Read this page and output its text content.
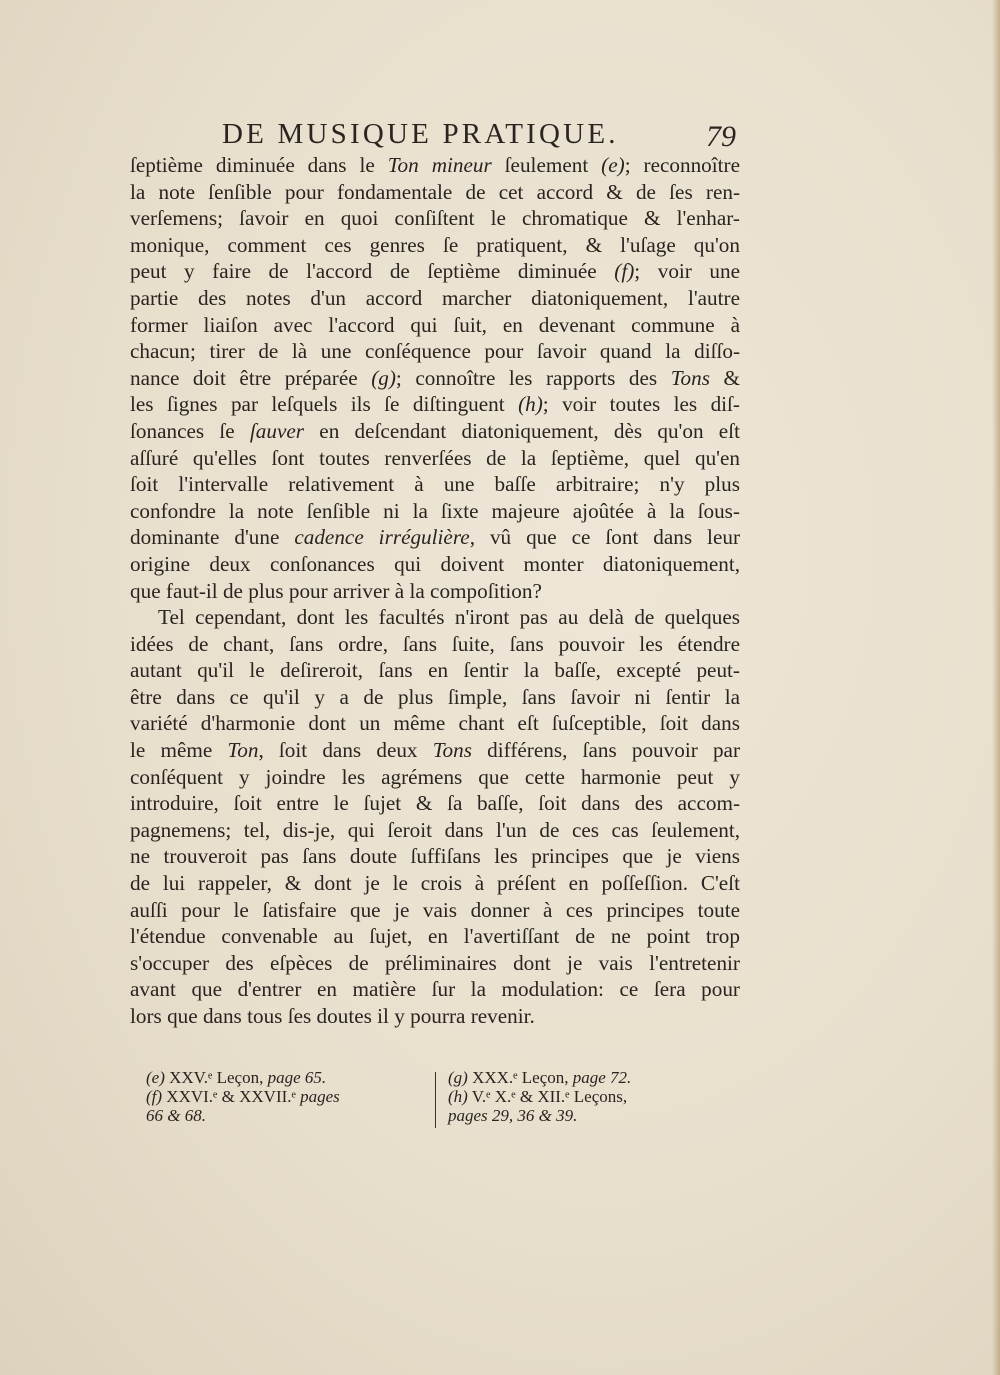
DE MUSIQUE PRATIQUE.	79
ſeptième diminuée dans le Ton mineur ſeulement (e); reconnoître
la note ſenſible pour fondamentale de cet accord & de ſes ren-
verſemens; ſavoir en quoi conſiſtent le chromatique & l'enhar-
monique, comment ces genres ſe pratiquent, & l'uſage qu'on
peut y faire de l'accord de ſeptième diminuée (f); voir une
partie des notes d'un accord marcher diatoniquement, l'autre
former liaiſon avec l'accord qui ſuit, en devenant commune à
chacun; tirer de là une conſéquence pour ſavoir quand la diſſo-
nance doit être préparée (g); connoître les rapports des Tons &
les ſignes par leſquels ils ſe diſtinguent (h); voir toutes les diſ-
ſonances ſe ſauver en deſcendant diatoniquement, dès qu'on eſt
aſſuré qu'elles ſont toutes renverſées de la ſeptième, quel qu'en
ſoit l'intervalle relativement à une baſſe arbitraire; n'y plus
confondre la note ſenſible ni la ſixte majeure ajoûtée à la ſous-
dominante d'une cadence irrégulière, vû que ce ſont dans leur
origine deux conſonances qui doivent monter diatoniquement,
que faut-il de plus pour arriver à la compoſition?
Tel cependant, dont les facultés n'iront pas au delà de quelques
idées de chant, ſans ordre, ſans ſuite, ſans pouvoir les étendre
autant qu'il le deſireroit, ſans en ſentir la baſſe, excepté peut-
être dans ce qu'il y a de plus ſimple, ſans ſavoir ni ſentir la
variété d'harmonie dont un même chant eſt ſuſceptible, ſoit dans
le même Ton, ſoit dans deux Tons différens, ſans pouvoir par
conſéquent y joindre les agrémens que cette harmonie peut y
introduire, ſoit entre le ſujet & ſa baſſe, ſoit dans des accom-
pagnemens; tel, dis-je, qui ſeroit dans l'un de ces cas ſeulement,
ne trouveroit pas ſans doute ſuffiſans les principes que je viens
de lui rappeler, & dont je le crois à préſent en poſſeſſion. C'eſt
auſſi pour le ſatisfaire que je vais donner à ces principes toute
l'étendue convenable au ſujet, en l'avertiſſant de ne point trop
s'occuper des eſpèces de préliminaires dont je vais l'entretenir
avant que d'entrer en matière ſur la modulation: ce ſera pour
lors que dans tous ſes doutes il y pourra revenir.
(e) XXV.ᵉ Leçon, page 65.
(f) XXVI.ᵉ & XXVII.ᵉ pages
66 & 68.
(g) XXX.ᵉ Leçon, page 72.
(h) V.ᵉ X.ᵉ & XII.ᵉ Leçons,
pages 29, 36 & 39.
